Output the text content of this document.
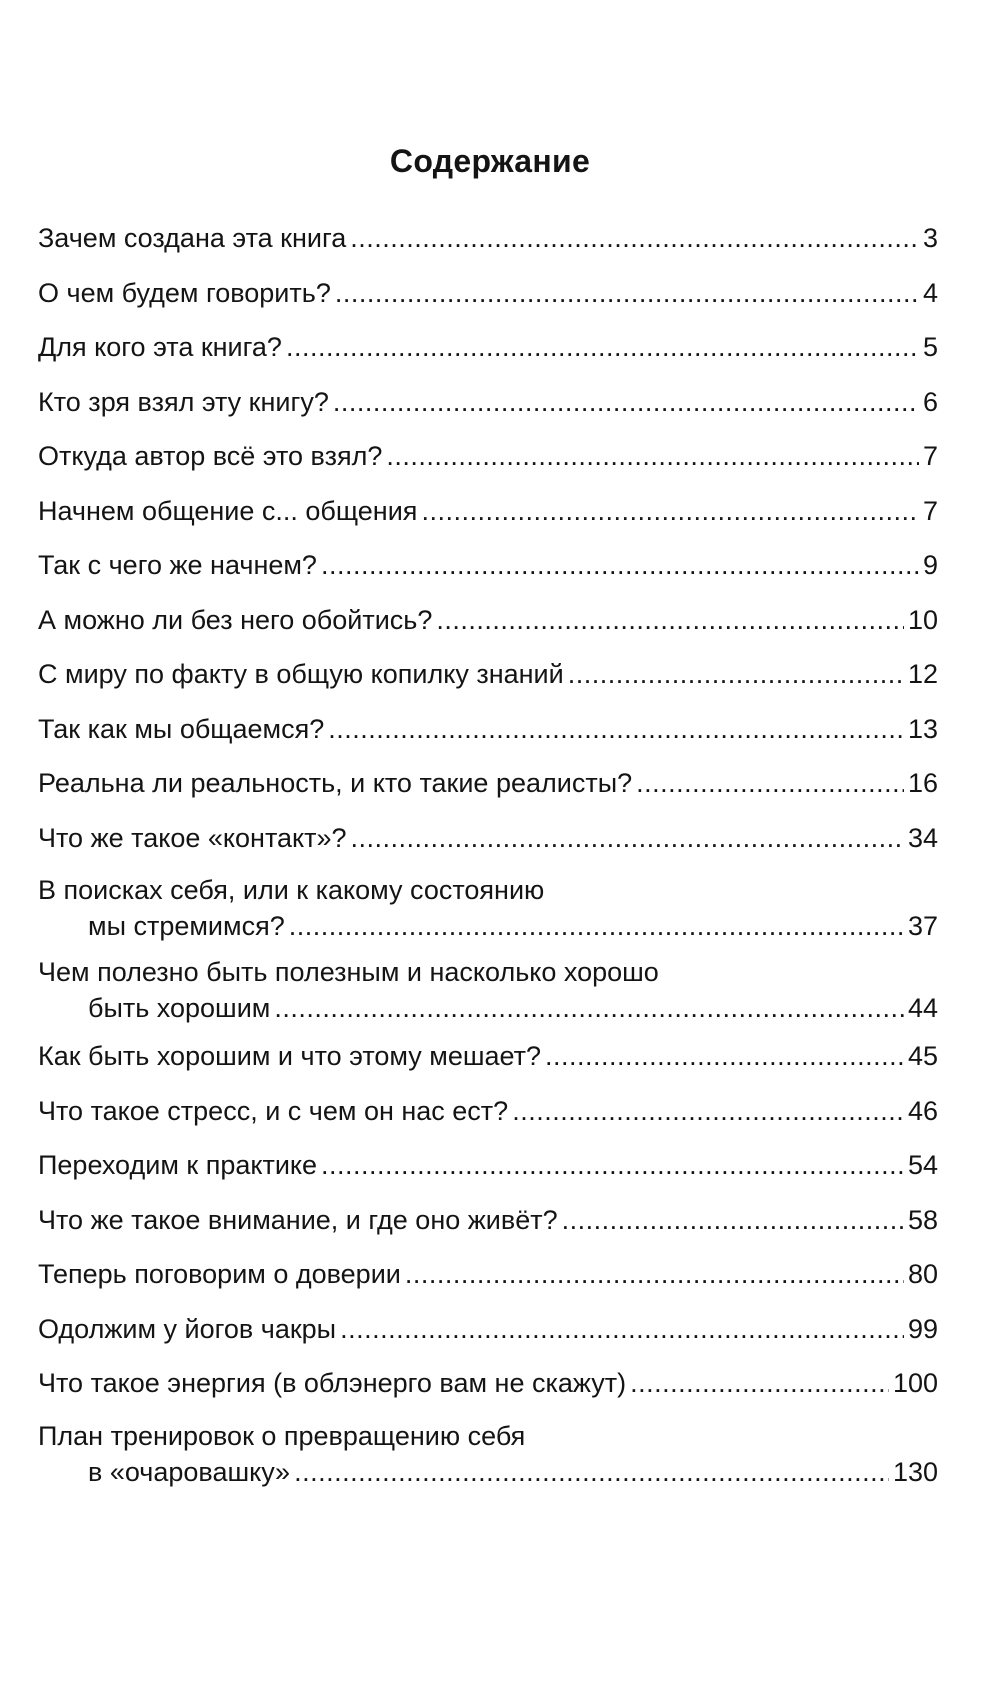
Содержание
Зачем создана эта книга .....	3
О чем будем говорить? .....	4
Для кого эта книга? .....	5
Кто зря взял эту книгу? .....	6
Откуда автор всё это взял? .....	7
Начнем общение с... общения .....	7
Так с чего же начнем? .....	9
А можно ли без него обойтись? .....	10
С миру по факту в общую копилку знаний .....	12
Так как мы общаемся? .....	13
Реальна ли реальность, и кто такие реалисты? .....	16
Что же такое «контакт»? .....	34
В поисках себя, или к какому состоянию
мы стремимся? .....	37
Чем полезно быть полезным и насколько хорошо
быть хорошим .....	44
Как быть хорошим и что этому мешает? .....	45
Что такое стресс, и с чем он нас ест? .....	46
Переходим к практике .....	54
Что же такое внимание, и где оно живёт? .....	58
Теперь поговорим о доверии .....	80
Одолжим у йогов чакры .....	99
Что такое энергия (в облэнерго вам не скажут) .....	100
План тренировок о превращению себя
в «очаровашку» .....	130
